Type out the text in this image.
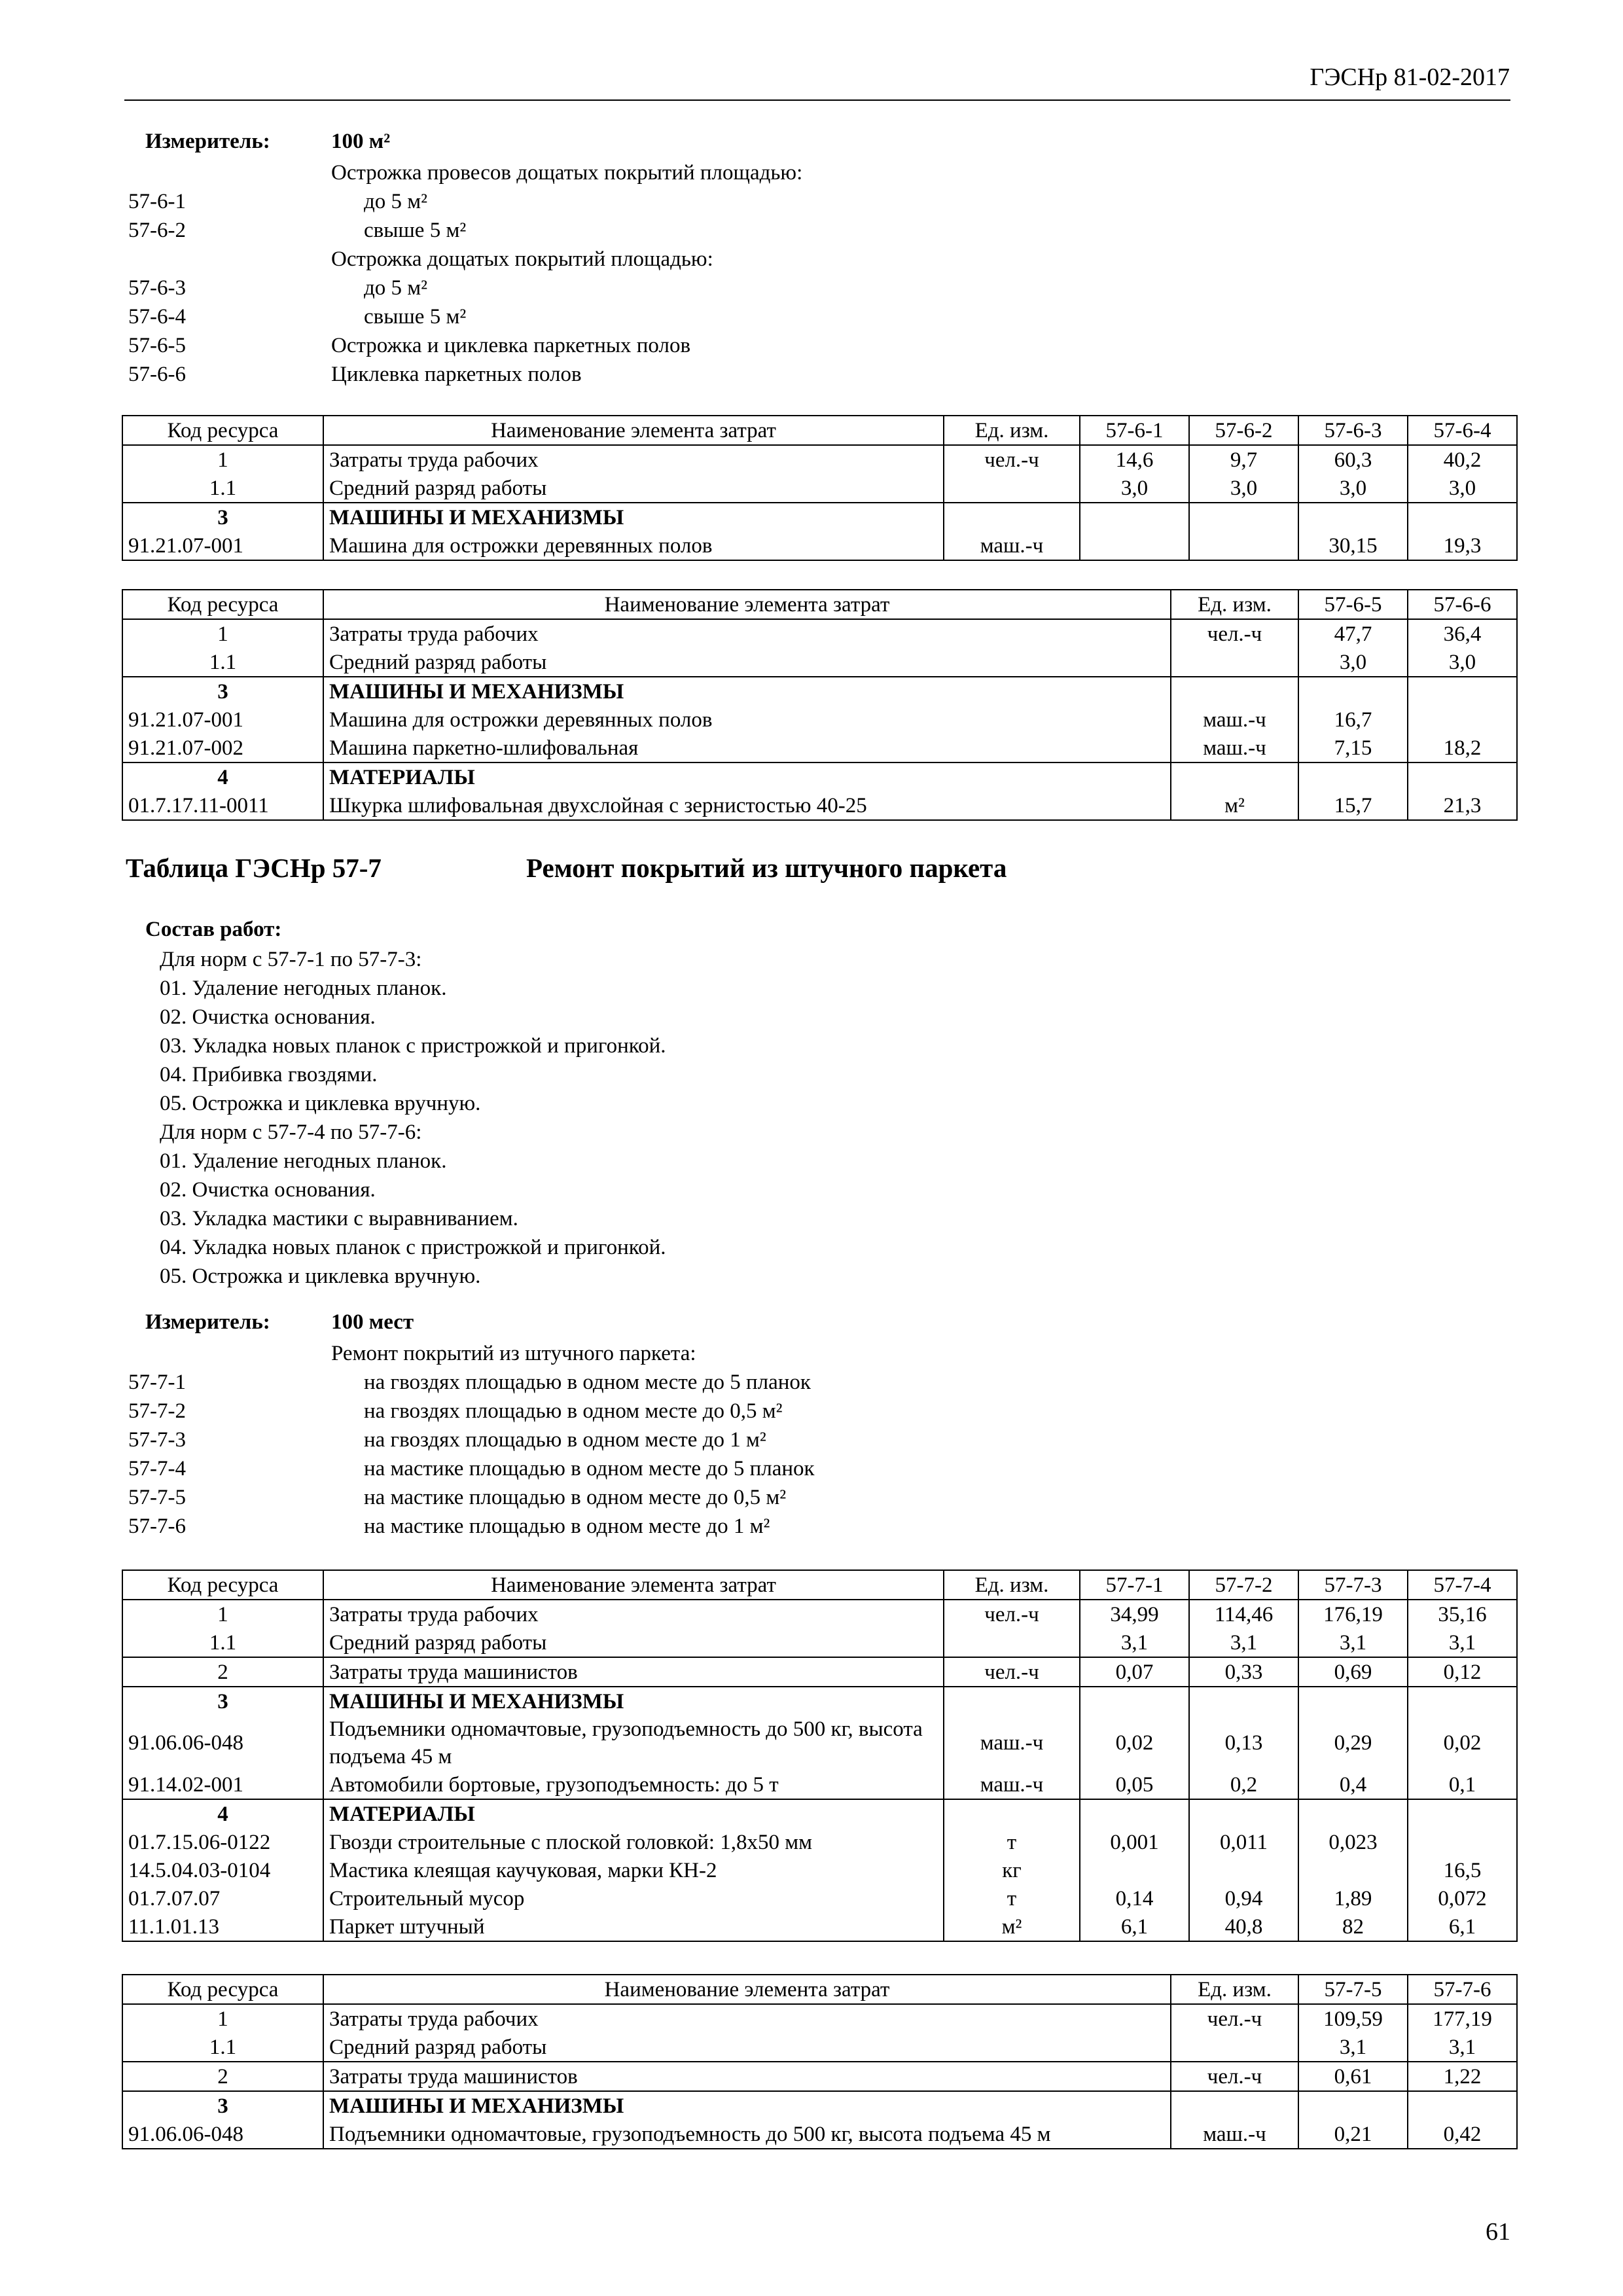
ГЭСНр 81-02-2017
Измеритель:	100 м²
Острожка провесов дощатых покрытий площадью:
57-6-1	до 5 м²
57-6-2	свыше 5 м²
Острожка дощатых покрытий площадью:
57-6-3	до 5 м²
57-6-4	свыше 5 м²
57-6-5	Острожка и циклевка паркетных полов
57-6-6	Циклевка паркетных полов
Код ресурса	Наименование элемента затрат	Ед. изм.	57-6-1	57-6-2	57-6-3	57-6-4
1	Затраты труда рабочих	чел.-ч	14,6	9,7	60,3	40,2
1.1	Средний разряд работы		3,0	3,0	3,0	3,0
3	МАШИНЫ И МЕХАНИЗМЫ					
91.21.07-001	Машина для острожки деревянных полов	маш.-ч			30,15	19,3
Код ресурса	Наименование элемента затрат	Ед. изм.	57-6-5	57-6-6
1	Затраты труда рабочих	чел.-ч	47,7	36,4
1.1	Средний разряд работы		3,0	3,0
3	МАШИНЫ И МЕХАНИЗМЫ			
91.21.07-001	Машина для острожки деревянных полов	маш.-ч	16,7	
91.21.07-002	Машина паркетно-шлифовальная	маш.-ч	7,15	18,2
4	МАТЕРИАЛЫ			
01.7.17.11-0011	Шкурка шлифовальная двухслойная с зернистостью 40-25	м²	15,7	21,3
Таблица ГЭСНр 57-7	Ремонт покрытий из штучного паркета
Состав работ:
Для норм с 57-7-1 по 57-7-3:
01. Удаление негодных планок.
02. Очистка основания.
03. Укладка новых планок с пристрожкой и пригонкой.
04. Прибивка гвоздями.
05. Острожка и циклевка вручную.
Для норм с 57-7-4 по 57-7-6:
01. Удаление негодных планок.
02. Очистка основания.
03. Укладка мастики с выравниванием.
04. Укладка новых планок с пристрожкой и пригонкой.
05. Острожка и циклевка вручную.
Измеритель:	100 мест
Ремонт покрытий из штучного паркета:
57-7-1	на гвоздях площадью в одном месте до 5 планок
57-7-2	на гвоздях площадью в одном месте до 0,5 м²
57-7-3	на гвоздях площадью в одном месте до 1 м²
57-7-4	на мастике площадью в одном месте до 5 планок
57-7-5	на мастике площадью в одном месте до 0,5 м²
57-7-6	на мастике площадью в одном месте до 1 м²
Код ресурса	Наименование элемента затрат	Ед. изм.	57-7-1	57-7-2	57-7-3	57-7-4
1	Затраты труда рабочих	чел.-ч	34,99	114,46	176,19	35,16
1.1	Средний разряд работы		3,1	3,1	3,1	3,1
2	Затраты труда машинистов	чел.-ч	0,07	0,33	0,69	0,12
3	МАШИНЫ И МЕХАНИЗМЫ					
91.06.06-048	Подъемники одномачтовые, грузоподъемность до 500 кг, высота подъема 45 м	маш.-ч	0,02	0,13	0,29	0,02
91.14.02-001	Автомобили бортовые, грузоподъемность: до 5 т	маш.-ч	0,05	0,2	0,4	0,1
4	МАТЕРИАЛЫ					
01.7.15.06-0122	Гвозди строительные с плоской головкой: 1,8x50 мм	т	0,001	0,011	0,023	
14.5.04.03-0104	Мастика клеящая каучуковая, марки КН-2	кг				16,5
01.7.07.07	Строительный мусор	т	0,14	0,94	1,89	0,072
11.1.01.13	Паркет штучный	м²	6,1	40,8	82	6,1
Код ресурса	Наименование элемента затрат	Ед. изм.	57-7-5	57-7-6
1	Затраты труда рабочих	чел.-ч	109,59	177,19
1.1	Средний разряд работы		3,1	3,1
2	Затраты труда машинистов	чел.-ч	0,61	1,22
3	МАШИНЫ И МЕХАНИЗМЫ			
91.06.06-048	Подъемники одномачтовые, грузоподъемность до 500 кг, высота подъема 45 м	маш.-ч	0,21	0,42
61
